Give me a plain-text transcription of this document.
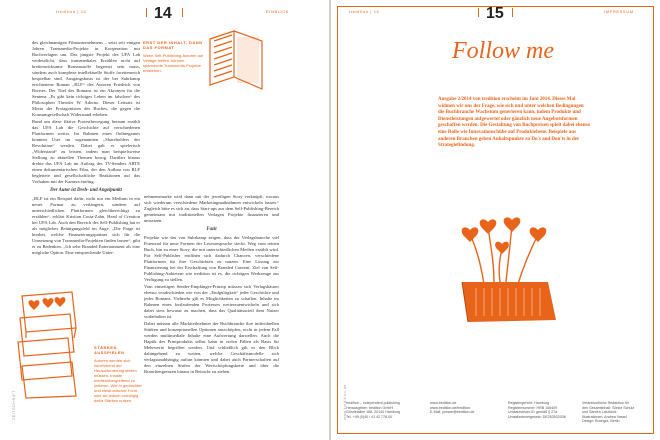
tredition | 14	14	EINBLICK
ERST DER INHALT, DANN DAS FORMAT
Wenn Self-Publishing-Autoren auf Verlage treffen, können spannende Transmedia-Projekte entstehen.

des gleichnamigen Filmunternehmens – setzt seit einigen Jahren Transmedia-Projekte in Kooperation mit Buchverlagen um. Das jüngste Projekt des UFA Lab verdeutlicht, dass transmediales Erzählen nicht auf breitenwirksame Romanstoffe begrenzt sein muss, sondern auch komplexe intellektuelle Stoffe facettenreich bespielbar sind. Ausgangsbasis ist der bei Suhrkamp erschienene Roman „RLF“ des Autoren Friedrich von Borries. Der Titel des Romans ist ein Akronym für die Sentenz „Es gibt kein richtiges Leben im falschen“ des Philosophen Theodor W. Adorno. Dieser Leitsatz ist Motto der Protagonisten des Buches, die gegen die Konsumgesellschaft Widerstand erheben.

Rund um diese fiktive Protestbewegung heraum erzählt das UFA Lab die Geschichte auf verschiedenen Plattformen weiter. Im Rahmen eines Onlinegames konnten User im sogenannten „Shareholders der Revolution“ werden. Dabei galt es spielerisch „Widerstand“ zu leisten, indem man beispielsweise Stellung zu aktuellen Themen bezog. Darüber hinaus drehte das UFA Lab im Auftrag des TV-Senders ARTE einen dokumentarischen Film, der den Aufbau von RLF begleitete und gesellschaftliche Reaktionen auf das Vorhaben mit der Kamera einfing.

Der Autor ist Dreh- und Angelpunkt

„RLF ist ein Beispiel dafür, nicht nur ein Medium in ein neues Format zu verlängern, sondern auf unterschiedlichen Plattformen gleichberechtigt zu erzählen“, erklärt Kristian Costa-Zahn, Head of Creation bei UFA Lab. Auch den Bereich des Self-Publishing hat er als mögliches Betätigungsfeld im Auge. „Die Frage ist hierbei, welche Finanzierungspartner sich für die Umsetzung von Transmedia-Projekten finden lassen“, gibt er zu Bedenken. „Ich sehe Branded Entertainment als eine mögliche Option. Eine entsprechende Unter-

nehmensmarke wird dann mit der jeweiligen Story verknüpft, woraus sich wiederum verschiedene Marketingmaßnahmen entwickeln lassen.“ Zugleich bitte es sich an, dass Start-ups aus dem Self-Publishing-Bereich gemeinsam mit traditionellen Verlagen Projekte finanzieren und umsetzen.

Fazit

Projekte wie das von Suhrkamp zeigen, dass der Verlagsbranche viel Potenzial für neue Formen der Leseransprache steckt. Weg vom reinen Buch, hin zu einer Story, die mit unterschiedlichen Medien erzählt wird. Für Self-Publisher eröffnen sich dadurch Chancen, verschiedene Plattformen für ihre Geschichten zu nutzen. Eine Lösung zur Finanzierung bei der Erschaffung von Branded Content. Ziel von Self-Publishing-Anbietern wie tredition ist es, die richtigen Werkzeuge zur Verfügung zu stellen.

Vom einseitigen Sender-Empfänger-Prinzip müssen sich Verlagshäuser ebenso verabschieden wie von der „Endgültigkeit“ jeder Geschichte und jedes Romans. Vielmehr gilt es Möglichkeiten zu schaffen, Inhalte im Rahmen eines fortlaufenden Prozesses weiterzuentwickeln und sich dabei stets bewusst zu machen, dass das Qualitätsurteil dem Nutzer vorbehalten ist.

Dabei müssen alle Marktteilnehmer der Buchbranche ihre individuellen Stärken und konzeptionellen Optionen ausschöpfen, nicht in jedem Fall werden multimediale Inhalte eine Aufwertung darstellen. Auch die Haptik des Printprodukts selbst kann in vielen Fällen als Basis für Mehrwerte begriffen werden. Und schließlich gilt es den Blick dahingehend zu weiten, welche Geschäftsmodelle sich verlagsunabhängig auftun könnten und dabei auch Partnerschaften auf den einzelnen Stufen der Wertschöpfungskette und über die Branchengrenzen hinaus in Betracht zu ziehen.

STÄRKEN AUSSPIELEN
Autoren werden sich zunehmend der Herausforderung stellen müssen, Inhalte medienübergreifend zu kreieren. Wie in gedruckter und elektronischer Form sind sie jedoch vorrangig dafür Stärken nutzen.
ZEITSCHRIFT
tredition | 15	15	IMPRESSUM
Follow me
Ausgabe 2/2014 von tredition erscheint im Juni 2014. Dieses Mal widmen wir uns der Frage, wie sich und unter welchen Bedingungen die Buchbranche Wachstum generieren kann, indem Produkte und Dienstleistungen aufgewertet oder gänzlich neue Angebotsformen geschaffen werden. Die Gestaltung von Buchpreisen spielt dabei ebenso eine Rolle wie Innovationschübe auf Produktebene. Beispiele aus anderen Branchen geben Anhaltspunkte zu Do's and Don'ts in der Strategiefindung.
www.tredition.de tredition – independent publishing
Herausgeber: tredition GmbH
Grindelallee 188, 20144 Hamburg
Tel. +49 (0)40 / 41 42 778-00
www.tredition.de
www.tredition.de/tredition
E-Mail: presse@tredition.de
Registergericht: Hamburg
Registernummer: HRB 106409
Umsatzsteuer-ID gemäß § 27a
Umsatzsteuergesetz: DE253532036
Verantwortliche Redaktion für
den Gesamtinhalt: Sönke Schulz
und Sandra Latußeck
Illustrationen: Andrea Vasari
Design: Buchgut, Berlin
